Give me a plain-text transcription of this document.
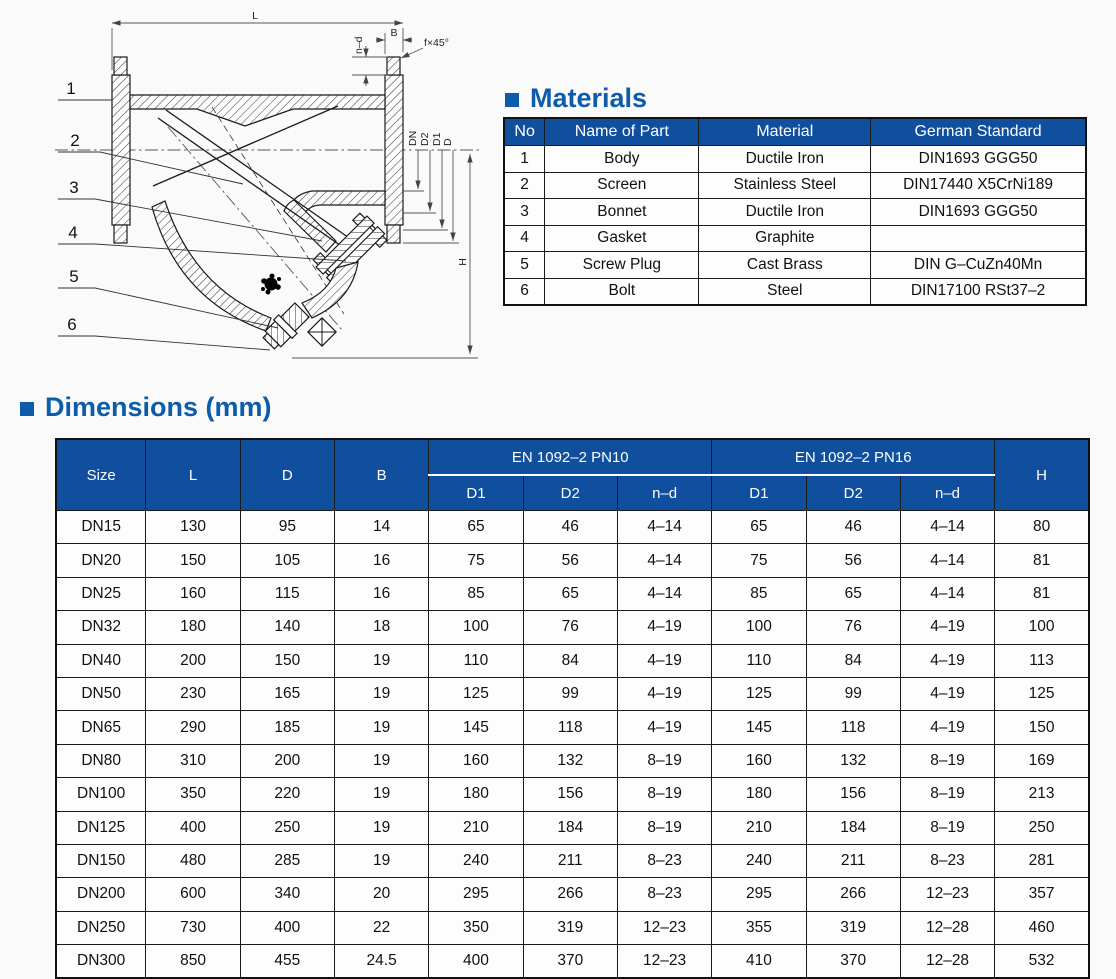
L
B
f×45°
n–d
DN D2 D1 D
H
1
2
3
4
5
6
Materials
No	Name of Part	Material	German Standard
1	Body	Ductile Iron	DIN1693 GGG50
2	Screen	Stainless Steel	DIN17440 X5CrNi189
3	Bonnet	Ductile Iron	DIN1693 GGG50
4	Gasket	Graphite	
5	Screw Plug	Cast Brass	DIN G–CuZn40Mn
6	Bolt	Steel	DIN17100 RSt37–2
Dimensions (mm)
Size	L	D	B	EN 1092–2 PN10			EN 1092–2 PN16			H
				D1	D2	n–d	D1	D2	n–d	
DN15	130	95	14	65	46	4–14	65	46	4–14	80
DN20	150	105	16	75	56	4–14	75	56	4–14	81
DN25	160	115	16	85	65	4–14	85	65	4–14	81
DN32	180	140	18	100	76	4–19	100	76	4–19	100
DN40	200	150	19	110	84	4–19	110	84	4–19	113
DN50	230	165	19	125	99	4–19	125	99	4–19	125
DN65	290	185	19	145	118	4–19	145	118	4–19	150
DN80	310	200	19	160	132	8–19	160	132	8–19	169
DN100	350	220	19	180	156	8–19	180	156	8–19	213
DN125	400	250	19	210	184	8–19	210	184	8–19	250
DN150	480	285	19	240	211	8–23	240	211	8–23	281
DN200	600	340	20	295	266	8–23	295	266	12–23	357
DN250	730	400	22	350	319	12–23	355	319	12–28	460
DN300	850	455	24.5	400	370	12–23	410	370	12–28	532
